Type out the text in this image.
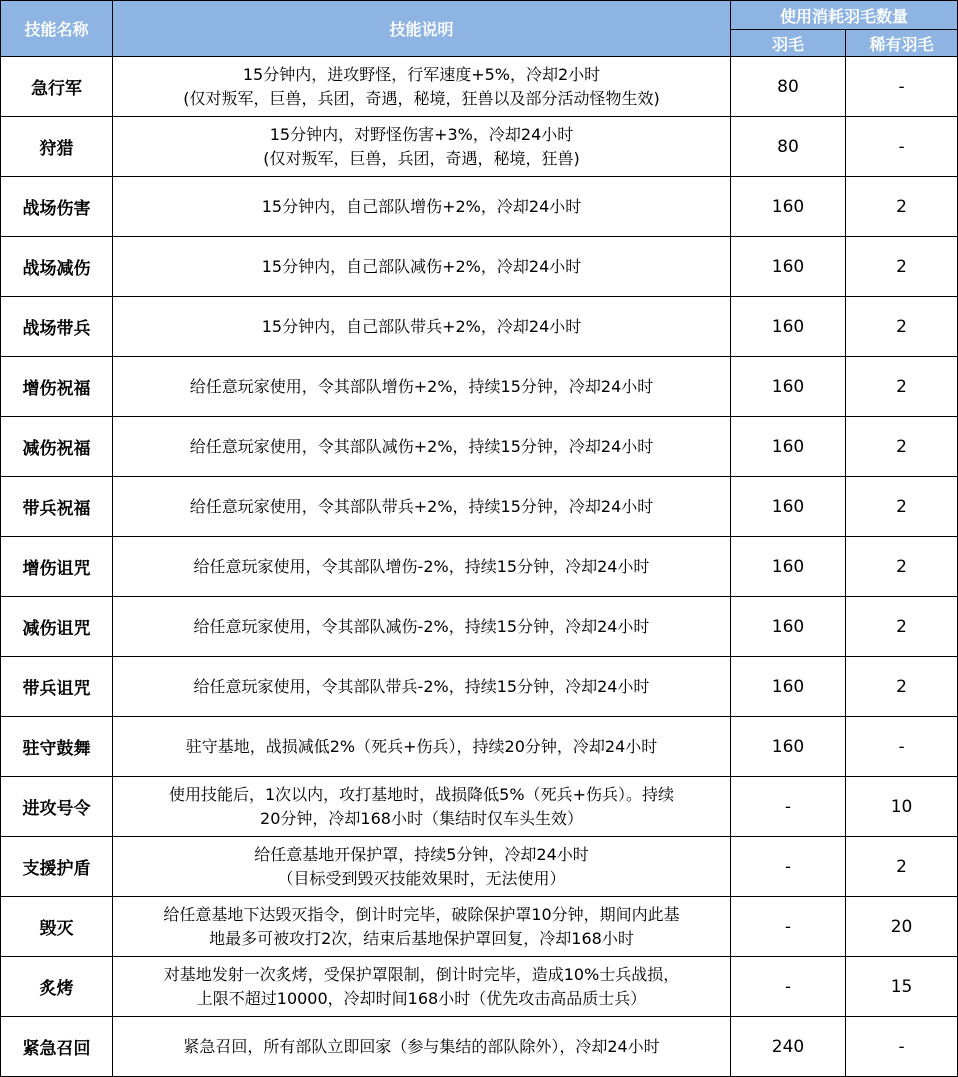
技能名称	技能说明	使用消耗羽毛数量	
		羽毛	稀有羽毛
急行军	15分钟内，进攻野怪，行军速度+5%，冷却2小时
(仅对叛军，巨兽，兵团，奇遇，秘境，狂兽以及部分活动怪物生效)	80	-
狩猎	15分钟内，对野怪伤害+3%，冷却24小时
(仅对叛军，巨兽，兵团，奇遇，秘境，狂兽)	80	-
战场伤害	15分钟内，自己部队增伤+2%，冷却24小时	160	2
战场减伤	15分钟内，自己部队减伤+2%，冷却24小时	160	2
战场带兵	15分钟内，自己部队带兵+2%，冷却24小时	160	2
增伤祝福	给任意玩家使用，令其部队增伤+2%，持续15分钟，冷却24小时	160	2
减伤祝福	给任意玩家使用，令其部队减伤+2%，持续15分钟，冷却24小时	160	2
带兵祝福	给任意玩家使用，令其部队带兵+2%，持续15分钟，冷却24小时	160	2
增伤诅咒	给任意玩家使用，令其部队增伤-2%，持续15分钟，冷却24小时	160	2
减伤诅咒	给任意玩家使用，令其部队减伤-2%，持续15分钟，冷却24小时	160	2
带兵诅咒	给任意玩家使用，令其部队带兵-2%，持续15分钟，冷却24小时	160	2
驻守鼓舞	驻守基地，战损减低2%（死兵+伤兵），持续20分钟，冷却24小时	160	-
进攻号令	使用技能后，1次以内，攻打基地时，战损降低5%（死兵+伤兵）。持续
20分钟，冷却168小时（集结时仅车头生效）	-	10
支援护盾	给任意基地开保护罩，持续5分钟，冷却24小时
（目标受到毁灭技能效果时，无法使用）	-	2
毁灭	给任意基地下达毁灭指令，倒计时完毕，破除保护罩10分钟，期间内此基
地最多可被攻打2次，结束后基地保护罩回复，冷却168小时	-	20
炙烤	对基地发射一次炙烤，受保护罩限制，倒计时完毕，造成10%士兵战损，
上限不超过10000，冷却时间168小时（优先攻击高品质士兵）	-	15
紧急召回	紧急召回，所有部队立即回家（参与集结的部队除外），冷却24小时	240	-
